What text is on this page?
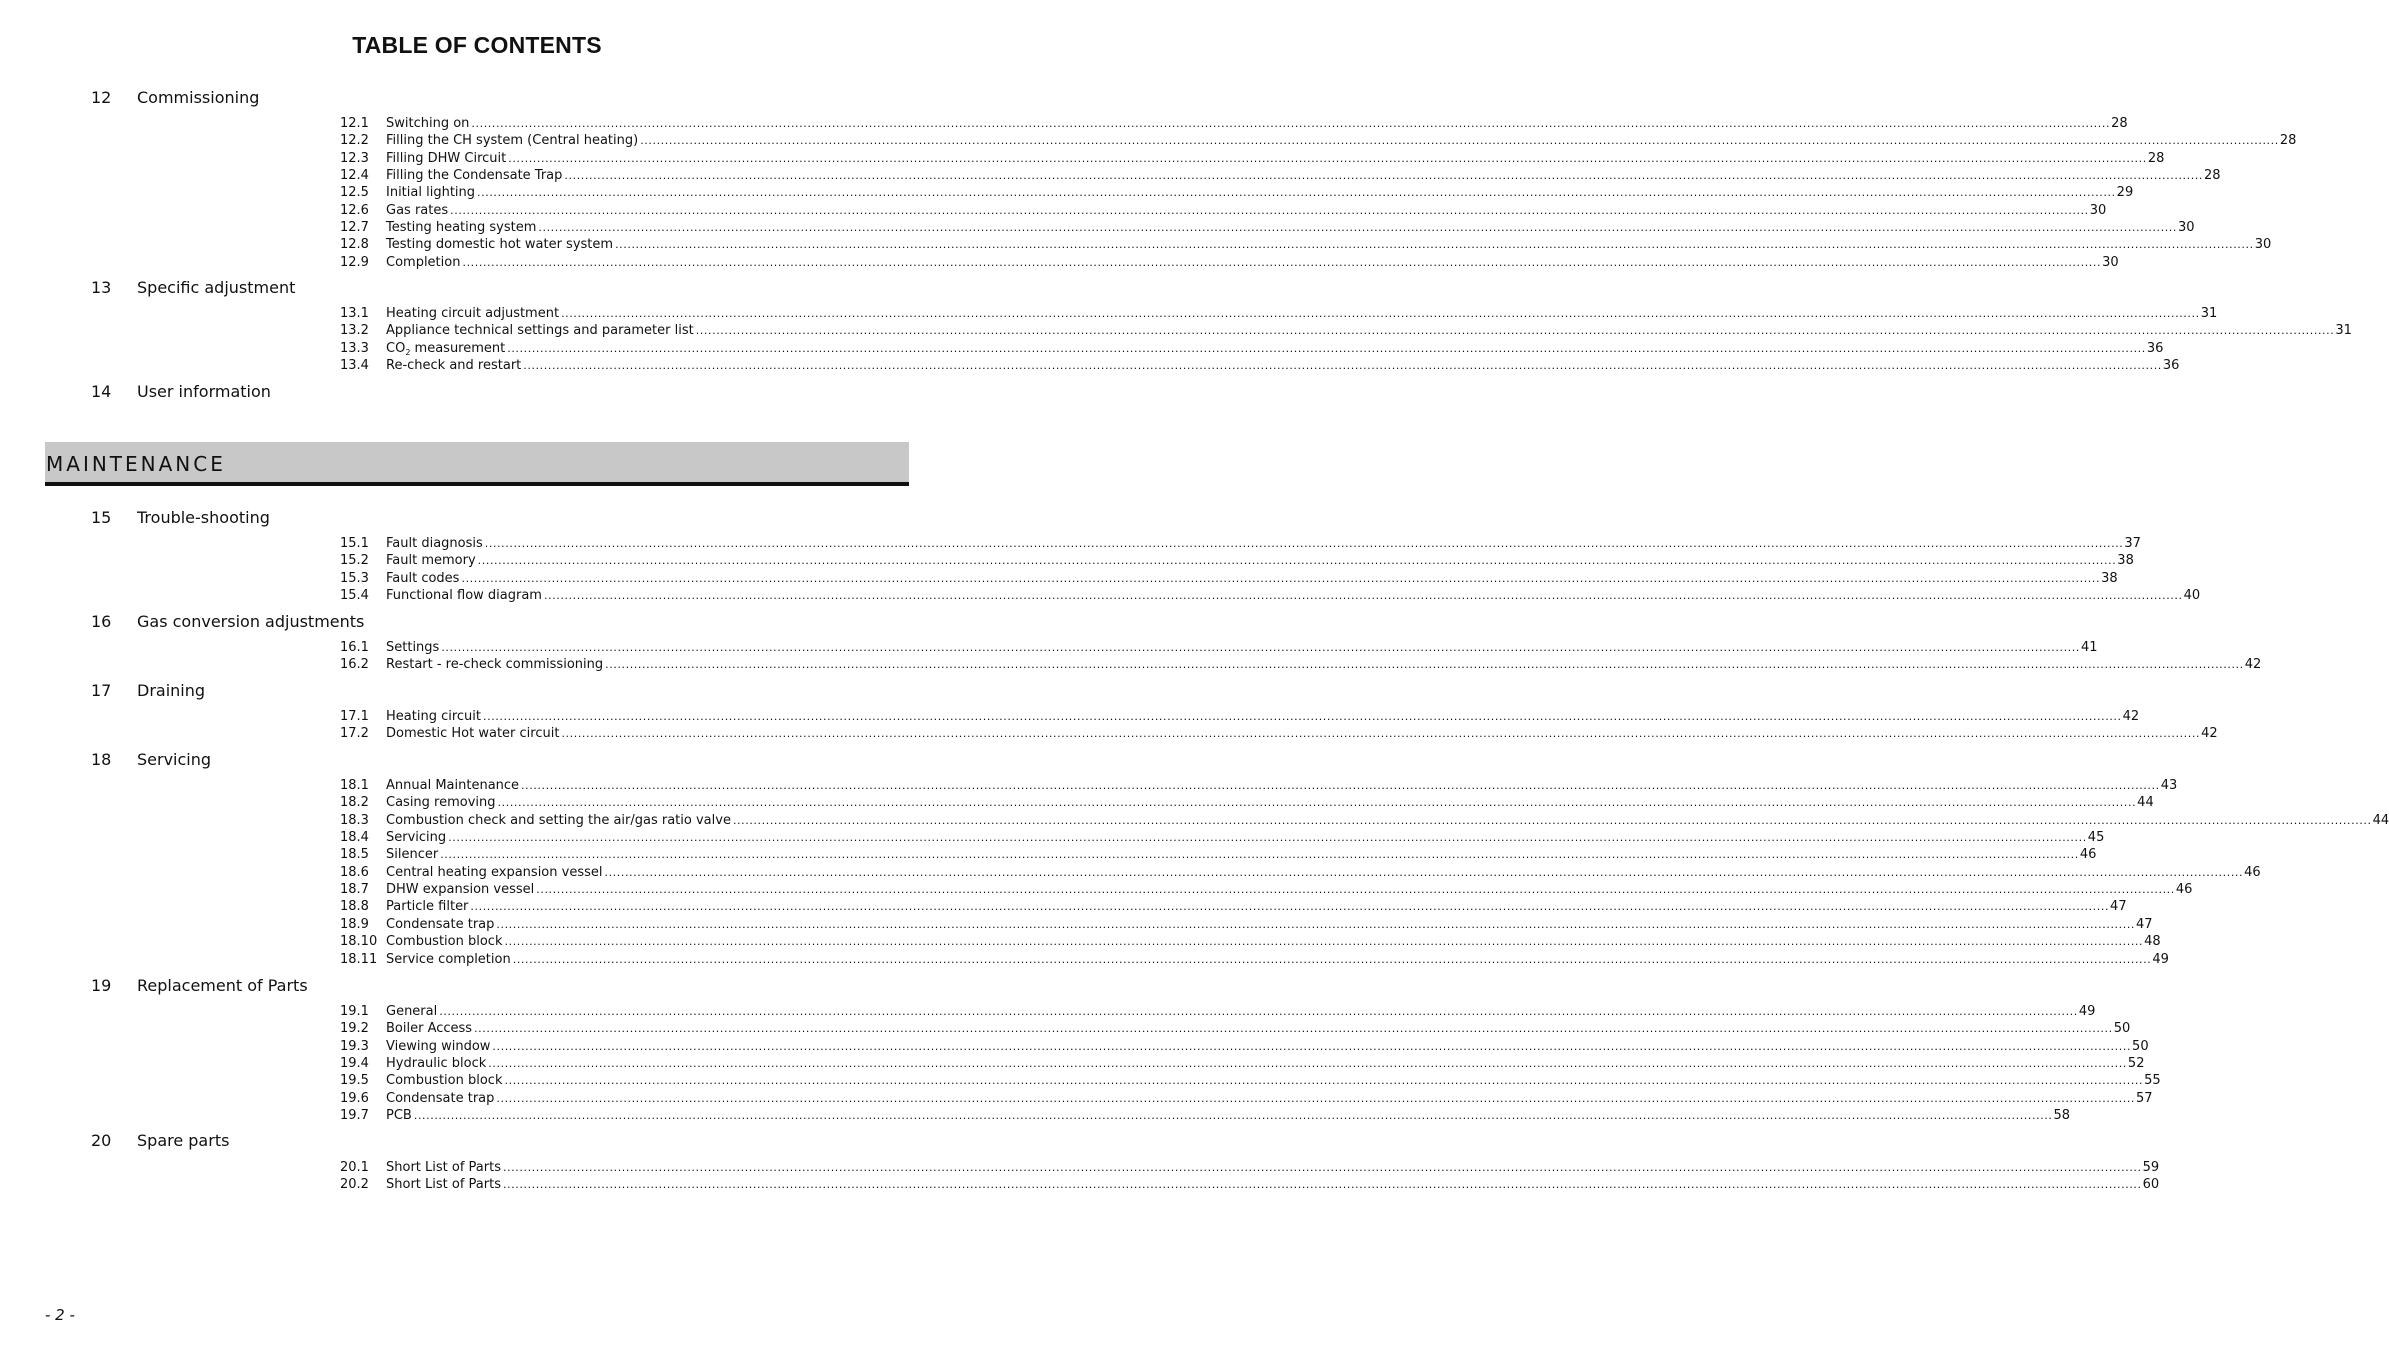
TABLE OF CONTENTS
MAINTENANCE
12 Commissioning
12.1 Switching on ................................................................................................................................................................................................................................................................................................................................................................................................................ 28
12.2 Filling the CH system (Central heating) ................................................................................................................................................................................................................................................................................................................................................................................................................ 28
12.3 Filling DHW Circuit ................................................................................................................................................................................................................................................................................................................................................................................................................ 28
12.4 Filling the Condensate Trap ................................................................................................................................................................................................................................................................................................................................................................................................................ 28
12.5 Initial lighting ................................................................................................................................................................................................................................................................................................................................................................................................................ 29
12.6 Gas rates ................................................................................................................................................................................................................................................................................................................................................................................................................ 30
12.7 Testing heating system ................................................................................................................................................................................................................................................................................................................................................................................................................ 30
12.8 Testing domestic hot water system ................................................................................................................................................................................................................................................................................................................................................................................................................ 30
12.9 Completion ................................................................................................................................................................................................................................................................................................................................................................................................................ 30
13 Specific adjustment
13.1 Heating circuit adjustment ................................................................................................................................................................................................................................................................................................................................................................................................................ 31
13.2 Appliance technical settings and parameter list ................................................................................................................................................................................................................................................................................................................................................................................................................ 31
13.3 $CO_2$ measurement ................................................................................................................................................................................................................................................................................................................................................................................................................ 36
13.4 Re-check and restart ................................................................................................................................................................................................................................................................................................................................................................................................................ 36
14 User information
15 Trouble-shooting
15.1 Fault diagnosis ................................................................................................................................................................................................................................................................................................................................................................................................................ 37
15.2 Fault memory ................................................................................................................................................................................................................................................................................................................................................................................................................ 38
15.3 Fault codes ................................................................................................................................................................................................................................................................................................................................................................................................................ 38
15.4 Functional flow diagram ................................................................................................................................................................................................................................................................................................................................................................................................................ 40
16 Gas conversion adjustments
16.1 Settings ................................................................................................................................................................................................................................................................................................................................................................................................................ 41
16.2 Restart - re-check commissioning ................................................................................................................................................................................................................................................................................................................................................................................................................ 42
17 Draining
17.1 Heating circuit ................................................................................................................................................................................................................................................................................................................................................................................................................ 42
17.2 Domestic Hot water circuit ................................................................................................................................................................................................................................................................................................................................................................................................................ 42
18 Servicing
18.1 Annual Maintenance ................................................................................................................................................................................................................................................................................................................................................................................................................ 43
18.2 Casing removing ................................................................................................................................................................................................................................................................................................................................................................................................................ 44
18.3 Combustion check and setting the air/gas ratio valve ................................................................................................................................................................................................................................................................................................................................................................................................................ 44
18.4 Servicing ................................................................................................................................................................................................................................................................................................................................................................................................................ 45
18.5 Silencer ................................................................................................................................................................................................................................................................................................................................................................................................................ 46
18.6 Central heating expansion vessel ................................................................................................................................................................................................................................................................................................................................................................................................................ 46
18.7 DHW expansion vessel ................................................................................................................................................................................................................................................................................................................................................................................................................ 46
18.8 Particle filter ................................................................................................................................................................................................................................................................................................................................................................................................................ 47
18.9 Condensate trap ................................................................................................................................................................................................................................................................................................................................................................................................................ 47
18.10 Combustion block ................................................................................................................................................................................................................................................................................................................................................................................................................ 48
18.11 Service completion ................................................................................................................................................................................................................................................................................................................................................................................................................ 49
19 Replacement of Parts
19.1 General ................................................................................................................................................................................................................................................................................................................................................................................................................ 49
19.2 Boiler Access ................................................................................................................................................................................................................................................................................................................................................................................................................ 50
19.3 Viewing window ................................................................................................................................................................................................................................................................................................................................................................................................................ 50
19.4 Hydraulic block ................................................................................................................................................................................................................................................................................................................................................................................................................ 52
19.5 Combustion block ................................................................................................................................................................................................................................................................................................................................................................................................................ 55
19.6 Condensate trap ................................................................................................................................................................................................................................................................................................................................................................................................................ 57
19.7 PCB ................................................................................................................................................................................................................................................................................................................................................................................................................ 58
20 Spare parts
20.1 Short List of Parts ................................................................................................................................................................................................................................................................................................................................................................................................................ 59
20.2 Short List of Parts ................................................................................................................................................................................................................................................................................................................................................................................................................ 60
- 2 -
